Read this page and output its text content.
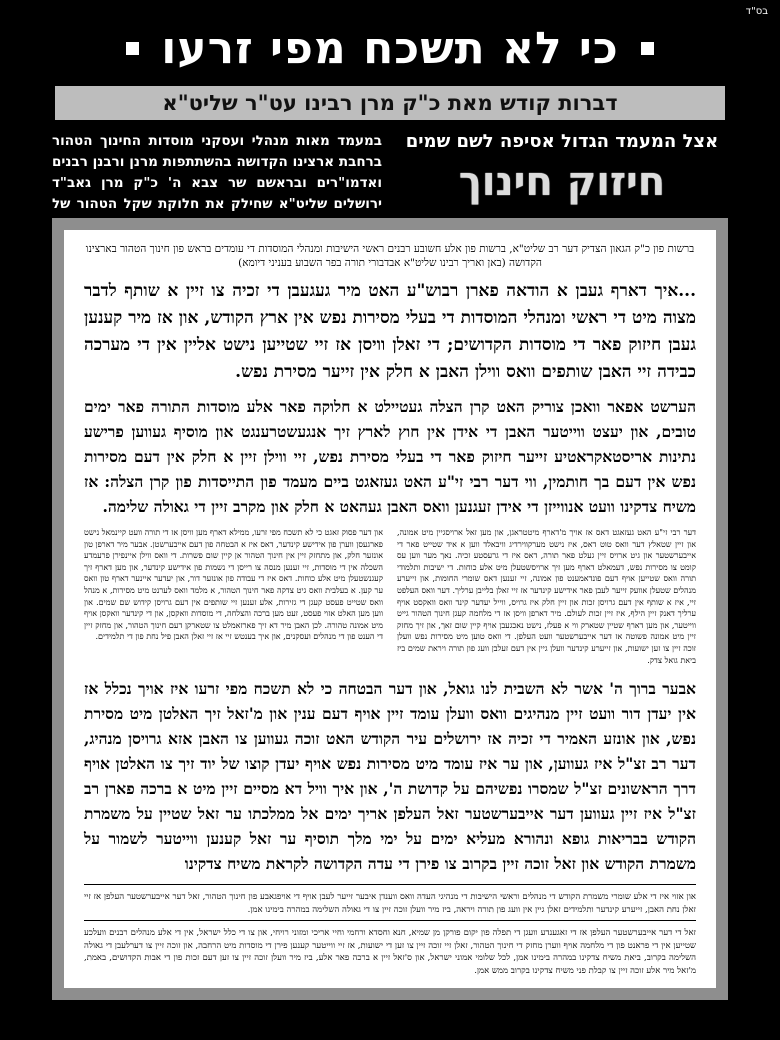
בס"ד
כי לא תשכח מפי זרעו
דברות קודש מאת כ"ק מרן רבינו עט"ר שליט"א
אצל המעמד הגדול אסיפה לשם שמים
חיזוק חינוך
במעמד מאות מנהלי ועסקני מוסדות החינוך הטהור ברחבת ארצינו הקדושה בהשתתפות מרנן ורבנן רבנים ואדמו"רים ובראשם שר צבא ה' כ"ק מרן גאב"ד ירושלים שליט"א שחילק את חלוקת שקל הטהור של

ברשות פון כ"ק הגאון הצדיק דער רב שליט"א, ברשות פון אלע חשובע רבנים ראשי הישיבות ומנהלי המוסדות די עומדים בראש פון חינוך הטהור בארצינו הקדושה (באן ואריך רבינו שליט"א אבדבורי תורה בפר השבוע בעניני דיומא)

...איך דארף געבן א הודאה פארן רבוש"ע האט מיר געגעבן די זכיה צו זיין א שותף לדבר מצוה מיט די ראשי ומנהלי המוסדות די בעלי מסירות נפש אין ארץ הקודש, און אז מיר קענען געבן חיזוק פאר די מוסדות הקדושים; די זאלן וויסן אז זיי שטייען נישט אליין אין די מערכה כבידה זיי האבן שותפים וואס ווילן האבן א חלק אין זייער מסירת נפש.

הערשט אפאר וואכן צוריק האט קרן הצלה געטיילט א חלוקה פאר אלע מוסדות התורה פאר ימים טובים, און יעצט ווייטער האבן די אידן אין חוץ לארץ זיך אנגעשטרענגט און מוסיף געווען פרישע נתינות אריסטאקראטיע זייער חיזוק פאר די בעלי מסירת נפש, זיי ווילן זיין א חלק אין דעם מסירות נפש אין דעם בך חותמין, ווי דער רבי זי"ע האט געזאגט ביים מעמד פון התייסדות פון קרן הצלה: אז משיח צדקינו וועט אנווייזן די אידן זעגנען וואס האבן געהאט א חלק און מקרב זיין די גאולה שלימה.

דער רבי זי"ע האט געזאגט דאס אז אויך מ'דארף מיטטראגן, און מען זאל ארויסגיין מיט אמונה, און זיין שטאלץ דער וואס טוט דאס, איז נישט מערקווירדיג וויבאלד ווען א איד שטייט פאר די אייבערשטער און גיט ארויס זיין געלט פאר תורה, דאס איז די גרעסטע זכיה. נאך מער ווען עס קומט צו מסירות נפש, דעמאלט דארף מען זיך ארויסשטעלן מיט אלע כוחות. די ישיבות ותלמודי תורה וואס שטייען אויף דעם פונדאמענט פון אמונה, זיי זענען דאס שומרי החומות, און זייערע מנהלים שטעלן אוועק זייער לעבן פאר אידישע קינדער אז זיי זאלן בלייבן ערליך. דער וואס העלפט זיי, איז א שותף אין דעם גרויסן זכות און זיין חלק איז גרויס, ווייל יעדער קינד וואס וואקסט אויף ערליך דאנק זיין הילף, איז זיין זכות לעולם. מיר דארפן וויסן אז די מלחמה קעגן חינוך הטהור גייט ווייטער, און מען דארף שטיין שטארק ווי א פעלז, נישט נאכגעבן אויף קיין שום זאך, און זיך מחזק זיין מיט אמונה פשוטה אז דער אייבערשטער וועט העלפן. די וואס טוען מיט מסירות נפש וועלן זוכה זיין צו זען ישועות, און זייערע קינדער וועלן גיין אין דעם זעלבן וועג פון תורה ויראת שמים ביז ביאת גואל צדק.

און דער פסוק זאגט כי לא תשכח מפי זרעו, ממילא דארף מען וויסן אז די תורה וועט קיינמאל נישט פארגעסן ווערן פון אידישע קינדער, דאס איז א הבטחה פון דעם אייבערשטן. אבער מיר דארפן טון אונזער חלק, און מתחזק זיין אין חינוך הטהור אן קיין שום פשרות. די וואס ווילן איינפירן פרעמדע השכלה אין די מוסדות, זיי זענען מנסה צו רייסן די נשמות פון אידישע קינדער, און מען דארף זיך קעגנשטעלן מיט אלע כוחות. דאס איז די עבודה פון אונזער דור, און יעדער איינער דארף טון וואס ער קען. א בעלבית וואס גיט צדקה פאר חינוך הטהור, א מלמד וואס לערנט מיט מסירות, א מנהל וואס שטייט פעסט קעגן די גזירות, אלע זענען זיי שותפים אין דעם גרויסן קידוש שם שמים. און ווען מען האלט אזוי פעסט, זעט מען ברכה והצלחה, די מוסדות וואקסן, און די קינדער וואקסן אויף מיט אמונה טהורה. לכן האבן מיר דא זיך פארזאמלט צו שטארקן דעם חינוך הטהור, און מחזק זיין די הענט פון די מנהלים ועסקנים, און איך בענטש זיי אז זיי זאלן האבן פיל נחת פון די תלמידים.

אבער ברוך ה' אשר לא השבית לנו גואל, און דער הבטחה כי לא תשכח מפי זרעו איז אויך נכלל אז אין יעדן דור וועט זיין מנהיגים וואס וועלן עומד זיין אויף דעם ענין און מ'זאל זיך האלטן מיט מסירת נפש, און אונזע האמיר די זכיה אז ירושלים עיר הקודש האט זוכה געווען צו האבן אזא גרויסן מנהיג, דער רב זצ"ל איז געווען, און ער איז עומד מיט מסירות נפש אויף יעדן קוצו של יוד זיך צו האלטן אויף דרך הראשונים זצ"ל שמסרו נפשיהם על קדושת ה', און איך וויל דא מסיים זיין מיט א ברכה פארן רב זצ"ל איז זיין געווען דער אייבערשטער זאל העלפן אריך ימים אל ממלכתו ער זאל שטיין על משמרת הקודש בבריאות גופא ונהורא מעליא ימים על ימי מלך תוסיף ער זאל קענען ווייטער לשמור על משמרת הקודש און זאל זוכה זיין בקרוב צו פירן די עדה הקדושה לקראת משיח צדקינו

און אזוי איז די אלע שומרי משמרת הקודש די מנהלים וראשי הישיבות די מנהיגי העדה וואס ווענדן איבער זייער לעבן אויף די אויפגאבע פון חינוך הטהור, זאל דער אייבערשטער העלפן אז זיי זאלן נחת האבן, זייערע קינדער ותלמידים זאלן גיין אין וועג פון תורה ויראה, ביז מיר וועלן זוכה זיין צו די גאולה השלימה במהרה בימינו אמן.

זאל די דער אייבערשטער העלפן אז די זאגענדע וועגן די תפלה פון יקום פורקן מן שמיא, חנא וחסדא ורחמי וחיי אריכי ומזוני רויחי, און צו די כלל ישראל, אין די אלע מנהלים רבנים וועלכע שטייען אין די פראנט פון די מלחמה אויף ווערן מחזק די חינוך הטהור, זאלן זיי זוכה זיין צו זען די ישועות, אז זיי ווייטער קענען פירן די מוסדות מיט הרחבה, און זוכה זיין צו דערלעבן די גאולה השלימה בקרוב, ביאת משיח צדקינו במהרה בימינו אמן, לכל שלומי אמוני ישראל, און ס'זאל זיין א ברכה פאר אלע, ביז מיר וועלן זוכה זיין צו זען דעם זכות פון די אבות הקדושים, באמת, מ'זאל מיר אלע זוכה זיין צו קבלת פני משיח צדקינו בקרוב ממש אמן.
